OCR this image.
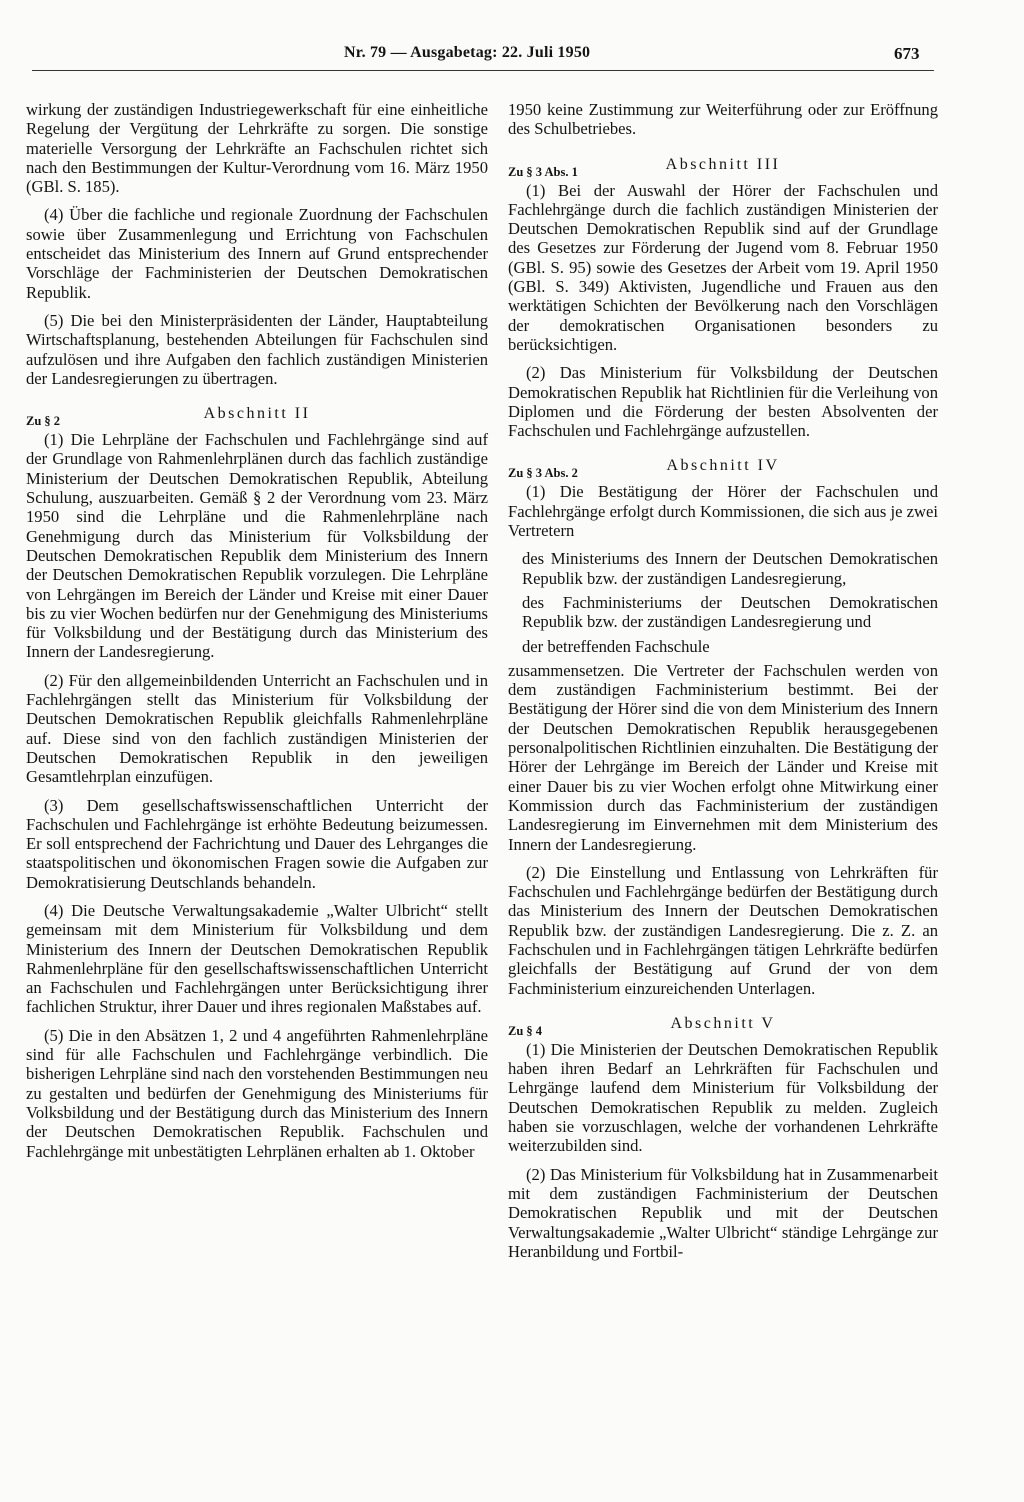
Nr. 79 — Ausgabetag: 22. Juli 1950	673

wirkung der zuständigen Industriegewerkschaft für eine einheitliche Regelung der Vergütung der Lehrkräfte zu sorgen. Die sonstige materielle Versorgung der Lehrkräfte an Fachschulen richtet sich nach den Bestimmungen der Kultur-Verordnung vom 16. März 1950 (GBl. S. 185).

(4) Über die fachliche und regionale Zuordnung der Fachschulen sowie über Zusammenlegung und Errichtung von Fachschulen entscheidet das Ministerium des Innern auf Grund entsprechender Vorschläge der Fachministerien der Deutschen Demokratischen Republik.

(5) Die bei den Ministerpräsidenten der Länder, Hauptabteilung Wirtschaftsplanung, bestehenden Abteilungen für Fachschulen sind aufzulösen und ihre Aufgaben den fachlich zuständigen Ministerien der Landesregierungen zu übertragen.

Zu § 2	Abschnitt II

(1) Die Lehrpläne der Fachschulen und Fachlehrgänge sind auf der Grundlage von Rahmenlehrplänen durch das fachlich zuständige Ministerium der Deutschen Demokratischen Republik, Abteilung Schulung, auszuarbeiten. Gemäß § 2 der Verordnung vom 23. März 1950 sind die Lehrpläne und die Rahmenlehrpläne nach Genehmigung durch das Ministerium für Volksbildung der Deutschen Demokratischen Republik dem Ministerium des Innern der Deutschen Demokratischen Republik vorzulegen. Die Lehrpläne von Lehrgängen im Bereich der Länder und Kreise mit einer Dauer bis zu vier Wochen bedürfen nur der Genehmigung des Ministeriums für Volksbildung und der Bestätigung durch das Ministerium des Innern der Landesregierung.

(2) Für den allgemeinbildenden Unterricht an Fachschulen und in Fachlehrgängen stellt das Ministerium für Volksbildung der Deutschen Demokratischen Republik gleichfalls Rahmenlehrpläne auf. Diese sind von den fachlich zuständigen Ministerien der Deutschen Demokratischen Republik in den jeweiligen Gesamtlehrplan einzufügen.

(3) Dem gesellschaftswissenschaftlichen Unterricht der Fachschulen und Fachlehrgänge ist erhöhte Bedeutung beizumessen. Er soll entsprechend der Fachrichtung und Dauer des Lehrganges die staatspolitischen und ökonomischen Fragen sowie die Aufgaben zur Demokratisierung Deutschlands behandeln.

(4) Die Deutsche Verwaltungsakademie „Walter Ulbricht“ stellt gemeinsam mit dem Ministerium für Volksbildung und dem Ministerium des Innern der Deutschen Demokratischen Republik Rahmenlehrpläne für den gesellschaftswissenschaftlichen Unterricht an Fachschulen und Fachlehrgängen unter Berücksichtigung ihrer fachlichen Struktur, ihrer Dauer und ihres regionalen Maßstabes auf.

(5) Die in den Absätzen 1, 2 und 4 angeführten Rahmenlehrpläne sind für alle Fachschulen und Fachlehrgänge verbindlich. Die bisherigen Lehrpläne sind nach den vorstehenden Bestimmungen neu zu gestalten und bedürfen der Genehmigung des Ministeriums für Volksbildung und der Bestätigung durch das Ministerium des Innern der Deutschen Demokratischen Republik. Fachschulen und Fachlehrgänge mit unbestätigten Lehrplänen erhalten ab 1. Oktober

1950 keine Zustimmung zur Weiterführung oder zur Eröffnung des Schulbetriebes.

Zu § 3 Abs. 1	Abschnitt III

(1) Bei der Auswahl der Hörer der Fachschulen und Fachlehrgänge durch die fachlich zuständigen Ministerien der Deutschen Demokratischen Republik sind auf der Grundlage des Gesetzes zur Förderung der Jugend vom 8. Februar 1950 (GBl. S. 95) sowie des Gesetzes der Arbeit vom 19. April 1950 (GBl. S. 349) Aktivisten, Jugendliche und Frauen aus den werktätigen Schichten der Bevölkerung nach den Vorschlägen der demokratischen Organisationen besonders zu berücksichtigen.

(2) Das Ministerium für Volksbildung der Deutschen Demokratischen Republik hat Richtlinien für die Verleihung von Diplomen und die Förderung der besten Absolventen der Fachschulen und Fachlehrgänge aufzustellen.

Zu § 3 Abs. 2	Abschnitt IV

(1) Die Bestätigung der Hörer der Fachschulen und Fachlehrgänge erfolgt durch Kommissionen, die sich aus je zwei Vertretern

des Ministeriums des Innern der Deutschen Demokratischen Republik bzw. der zuständigen Landesregierung,

des Fachministeriums der Deutschen Demokratischen Republik bzw. der zuständigen Landesregierung und

der betreffenden Fachschule

zusammensetzen. Die Vertreter der Fachschulen werden von dem zuständigen Fachministerium bestimmt. Bei der Bestätigung der Hörer sind die von dem Ministerium des Innern der Deutschen Demokratischen Republik herausgegebenen personalpolitischen Richtlinien einzuhalten. Die Bestätigung der Hörer der Lehrgänge im Bereich der Länder und Kreise mit einer Dauer bis zu vier Wochen erfolgt ohne Mitwirkung einer Kommission durch das Fachministerium der zuständigen Landesregierung im Einvernehmen mit dem Ministerium des Innern der Landesregierung.

(2) Die Einstellung und Entlassung von Lehrkräften für Fachschulen und Fachlehrgänge bedürfen der Bestätigung durch das Ministerium des Innern der Deutschen Demokratischen Republik bzw. der zuständigen Landesregierung. Die z. Z. an Fachschulen und in Fachlehrgängen tätigen Lehrkräfte bedürfen gleichfalls der Bestätigung auf Grund der von dem Fachministerium einzureichenden Unterlagen.

Zu § 4	Abschnitt V

(1) Die Ministerien der Deutschen Demokratischen Republik haben ihren Bedarf an Lehrkräften für Fachschulen und Lehrgänge laufend dem Ministerium für Volksbildung der Deutschen Demokratischen Republik zu melden. Zugleich haben sie vorzuschlagen, welche der vorhandenen Lehrkräfte weiterzubilden sind.

(2) Das Ministerium für Volksbildung hat in Zusammenarbeit mit dem zuständigen Fachministerium der Deutschen Demokratischen Republik und mit der Deutschen Verwaltungsakademie „Walter Ulbricht“ ständige Lehrgänge zur Heranbildung und Fortbil-
